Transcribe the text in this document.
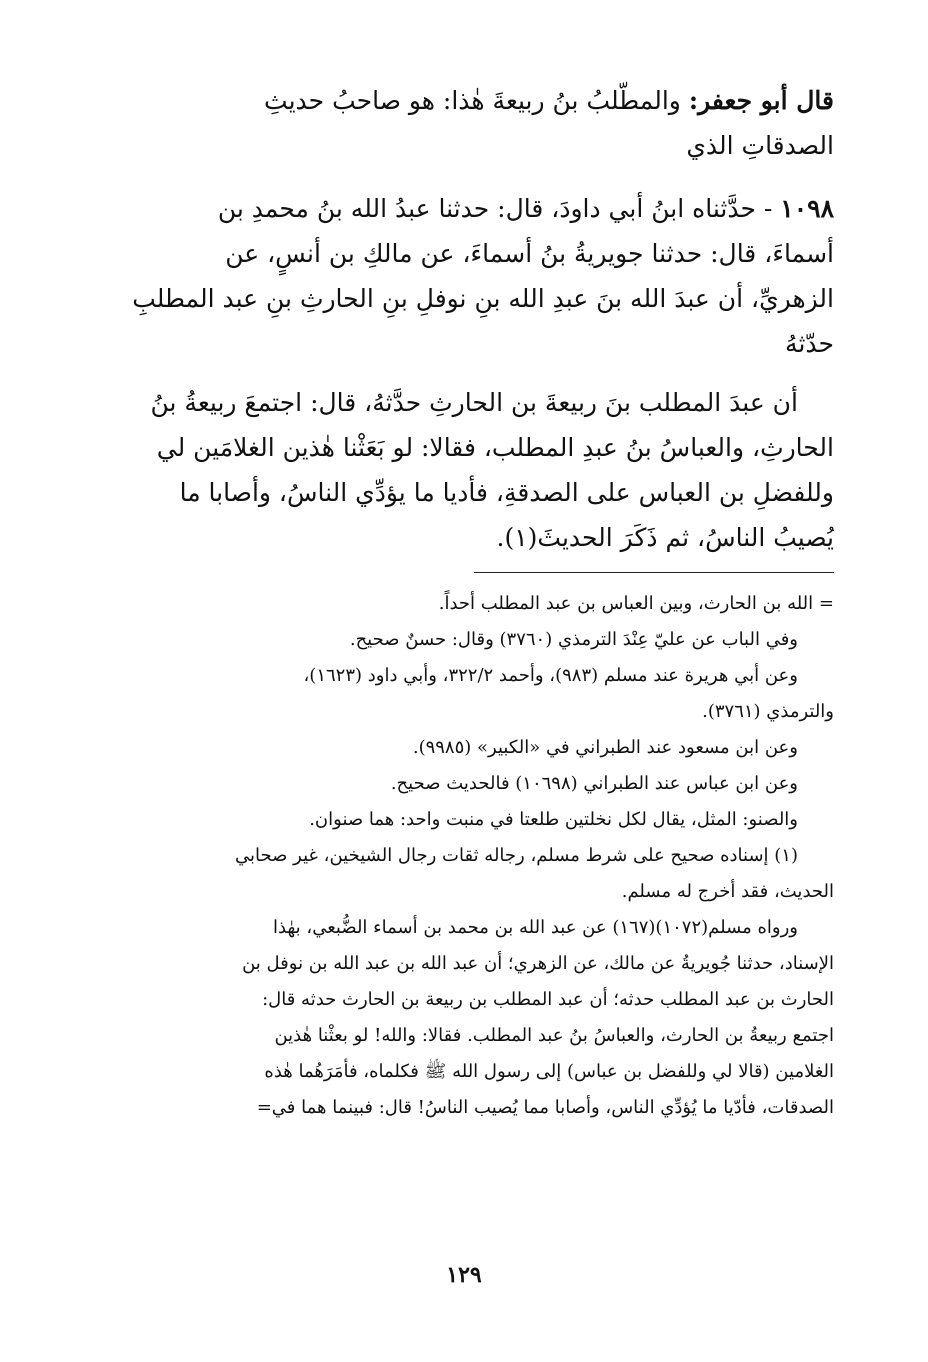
قال أبو جعفر: والمطّلبُ بنُ ربيعةَ هٰذا: هو صاحبُ حديثِ
الصدقاتِ الذي
١٠٩٨ - حدَّثناه ابنُ أبي داودَ، قال: حدثنا عبدُ الله بنُ محمدِ بن
أسماءَ، قال: حدثنا جويريةُ بنُ أسماءَ، عن مالكِ بن أنسٍ، عن
الزهريِّ، أن عبدَ الله بنَ عبدِ الله بنِ نوفلِ بنِ الحارثِ بنِ عبد المطلبِ
حدّثهُ
أن عبدَ المطلب بنَ ربيعةَ بن الحارثِ حدَّثهُ، قال: اجتمعَ ربيعةُ بنُ
الحارثِ، والعباسُ بنُ عبدِ المطلب، فقالا: لو بَعَثْنا هٰذين الغلامَين لي
وللفضلِ بن العباس على الصدقةِ، فأديا ما يؤدِّي الناسُ، وأصابا ما
يُصيبُ الناسُ، ثم ذَكَرَ الحديثَ(١).
= الله بن الحارث، وبين العباس بن عبد المطلب أحداً.
وفي الباب عن عليّ عِنْدَ الترمذي (٣٧٦٠) وقال: حسنٌ صحيح.
وعن أبي هريرة عند مسلم (٩٨٣)، وأحمد ٣٢٢/٢، وأبي داود (١٦٢٣)،
والترمذي (٣٧٦١).
وعن ابن مسعود عند الطبراني في «الكبير» (٩٩٨٥).
وعن ابن عباس عند الطبراني (١٠٦٩٨) فالحديث صحيح.
والصنو: المثل، يقال لكل نخلتين طلعتا في منبت واحد: هما صنوان.
(١) إسناده صحيح على شرط مسلم، رجاله ثقات رجال الشيخين، غير صحابي
الحديث، فقد أخرج له مسلم.
ورواه مسلم(١٠٧٢)(١٦٧) عن عبد الله بن محمد بن أسماء الضُّبعي، بهٰذا
الإسناد، حدثنا جُويريةُ عن مالك، عن الزهري؛ أن عبد الله بن عبد الله بن نوفل بن
الحارث بن عبد المطلب حدثه؛ أن عبد المطلب بن ربيعة بن الحارث حدثه قال:
اجتمع ربيعةُ بن الحارث، والعباسُ بنُ عبد المطلب. فقالا: والله! لو بعثْنا هٰذين
الغلامين (قالا لي وللفضل بن عباس) إلى رسول الله ﷺ فكلماه، فأمَرَهُما هٰذه
الصدقات، فأدّيا ما يُؤدِّي الناس، وأصابا مما يُصيب الناسُ! قال: فبينما هما في=
١٢٩
